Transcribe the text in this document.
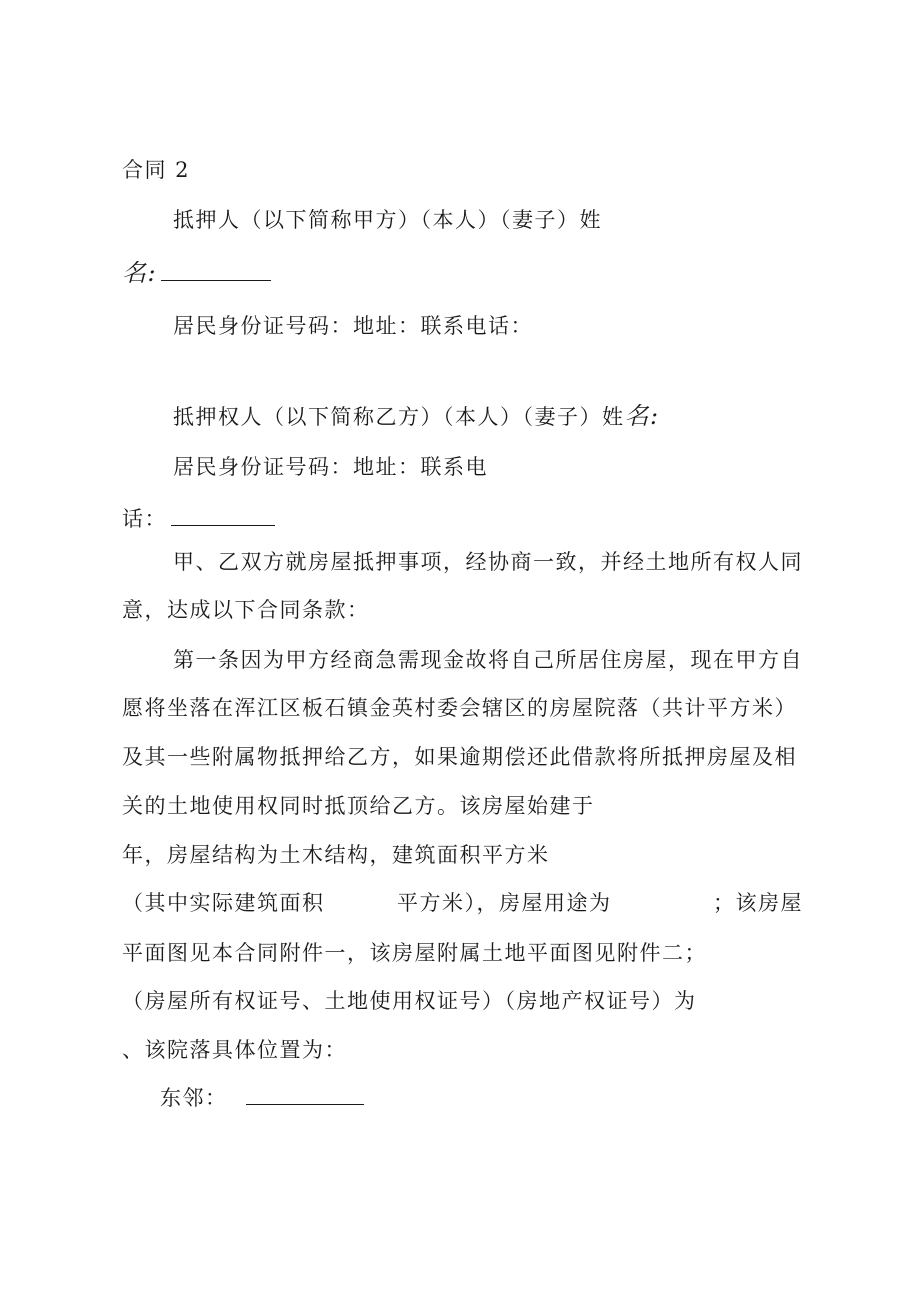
合同 2
抵押人（以下简称甲方）（本人）（妻子）姓
名:
居民身份证号码：地址：联系电话：
抵押权人（以下简称乙方）（本人）（妻子）姓名:
居民身份证号码：地址：联系电
话：
甲、乙双方就房屋抵押事项，经协商一致，并经土地所有权人同
意，达成以下合同条款：
第一条因为甲方经商急需现金故将自己所居住房屋，现在甲方自
愿将坐落在浑江区板石镇金英村委会辖区的房屋院落（共计平方米）
及其一些附属物抵押给乙方，如果逾期偿还此借款将所抵押房屋及相
关的土地使用权同时抵顶给乙方。该房屋始建于
年，房屋结构为土木结构，建筑面积平方米
（其中实际建筑面积	平方米），房屋用途为	；该房屋
平面图见本合同附件一，该房屋附属土地平面图见附件二；
（房屋所有权证号、土地使用权证号）（房地产权证号）为
、该院落具体位置为：
东邻：
